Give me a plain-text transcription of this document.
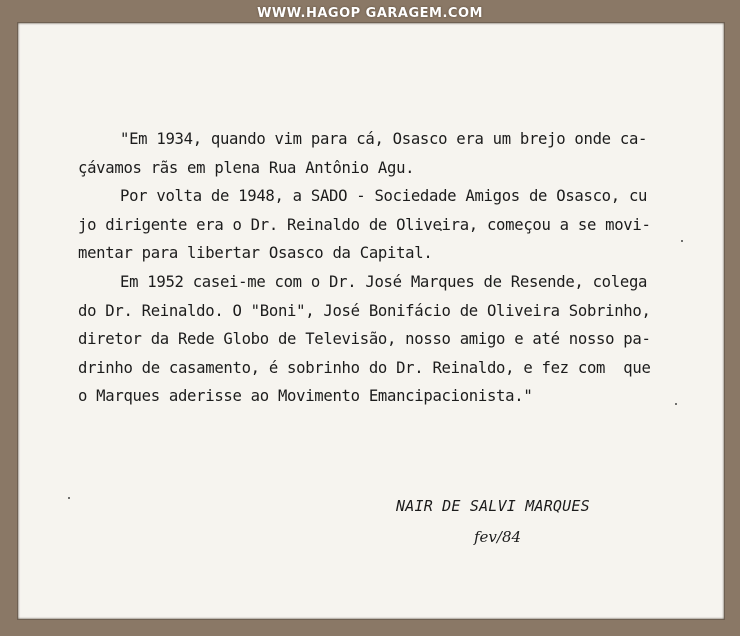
WWW.HAGOP GARAGEM.COM
"Em 1934, quando vim para cá, Osasco era um brejo onde ca-
çávamos rãs em plena Rua Antônio Agu.
Por volta de 1948, a SADO - Sociedade Amigos de Osasco, cu
jo dirigente era o Dr. Reinaldo de Oliveira, começou a se movi-
mentar para libertar Osasco da Capital.
Em 1952 casei-me com o Dr. José Marques de Resende, colega
do Dr. Reinaldo. O "Boni", José Bonifácio de Oliveira Sobrinho,
diretor da Rede Globo de Televisão, nosso amigo e até nosso pa-
drinho de casamento, é sobrinho do Dr. Reinaldo, e fez com  que
o Marques aderisse ao Movimento Emancipacionista."
NAIR DE SALVI MARQUES
fev/84
